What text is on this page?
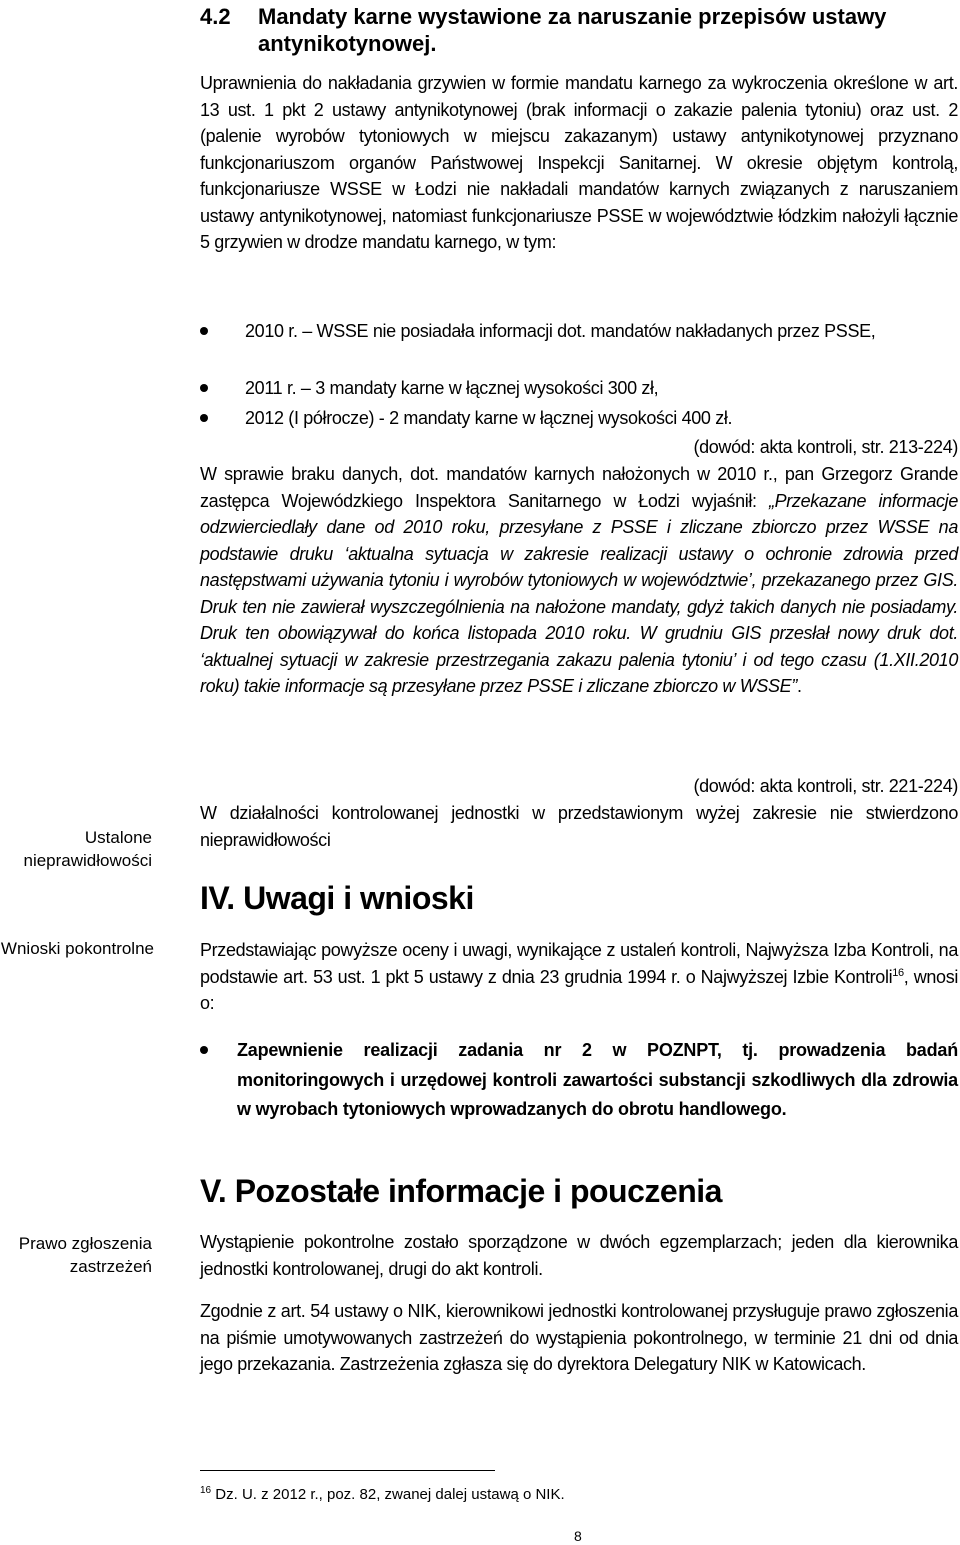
Ustalone nieprawidłowości
Wnioski pokontrolne
Prawo zgłoszenia zastrzeżeń
4.2 Mandaty karne wystawione za naruszanie przepisów ustawy antynikotynowej.
Uprawnienia do nakładania grzywien w formie mandatu karnego za wykroczenia określone w art. 13 ust. 1 pkt 2 ustawy antynikotynowej (brak informacji o zakazie palenia tytoniu) oraz ust. 2 (palenie wyrobów tytoniowych w miejscu zakazanym) ustawy antynikotynowej przyznano funkcjonariuszom organów Państwowej Inspekcji Sanitarnej. W okresie objętym kontrolą, funkcjonariusze WSSE w Łodzi nie nakładali mandatów karnych związanych z naruszaniem ustawy antynikotynowej, natomiast funkcjonariusze PSSE w województwie łódzkim nałożyli łącznie 5 grzywien w drodze mandatu karnego, w tym:
2010 r. – WSSE nie posiadała informacji dot. mandatów nakładanych przez PSSE,
2011 r. – 3 mandaty karne w łącznej wysokości 300 zł,
2012 (I półrocze) - 2 mandaty karne w łącznej wysokości 400 zł.
(dowód: akta kontroli, str. 213-224)
W sprawie braku danych, dot. mandatów karnych nałożonych w 2010 r., pan Grzegorz Grande zastępca Wojewódzkiego Inspektora Sanitarnego w Łodzi wyjaśnił: „Przekazane informacje odzwierciedlały dane od 2010 roku, przesyłane z PSSE i zliczane zbiorczo przez WSSE na podstawie druku ‘aktualna sytuacja w zakresie realizacji ustawy o ochronie zdrowia przed następstwami używania tytoniu i wyrobów tytoniowych w województwie’, przekazanego przez GIS. Druk ten nie zawierał wyszczególnienia na nałożone mandaty, gdyż takich danych nie posiadamy. Druk ten obowiązywał do końca listopada 2010 roku. W grudniu GIS przesłał nowy druk dot. ‘aktualnej sytuacji w zakresie przestrzegania zakazu palenia tytoniu’ i od tego czasu (1.XII.2010 roku) takie informacje są przesyłane przez PSSE i zliczane zbiorczo w WSSE”.
(dowód: akta kontroli, str. 221-224)
W działalności kontrolowanej jednostki w przedstawionym wyżej zakresie nie stwierdzono nieprawidłowości
IV. Uwagi i wnioski
Przedstawiając powyższe oceny i uwagi, wynikające z ustaleń kontroli, Najwyższa Izba Kontroli, na podstawie art. 53 ust. 1 pkt 5 ustawy z dnia 23 grudnia 1994 r. o Najwyższej Izbie Kontroli$^{16}$, wnosi o:
Zapewnienie realizacji zadania nr 2 w POZNPT, tj. prowadzenia badań monitoringowych i urzędowej kontroli zawartości substancji szkodliwych dla zdrowia w wyrobach tytoniowych wprowadzanych do obrotu handlowego.
V. Pozostałe informacje i pouczenia
Wystąpienie pokontrolne zostało sporządzone w dwóch egzemplarzach; jeden dla kierownika jednostki kontrolowanej, drugi do akt kontroli.
Zgodnie z art. 54 ustawy o NIK, kierownikowi jednostki kontrolowanej przysługuje prawo zgłoszenia na piśmie umotywowanych zastrzeżeń do wystąpienia pokontrolnego, w terminie 21 dni od dnia jego przekazania. Zastrzeżenia zgłasza się do dyrektora Delegatury NIK w Katowicach.
$^{16}$ Dz. U. z 2012 r., poz. 82, zwanej dalej ustawą o NIK.
8
